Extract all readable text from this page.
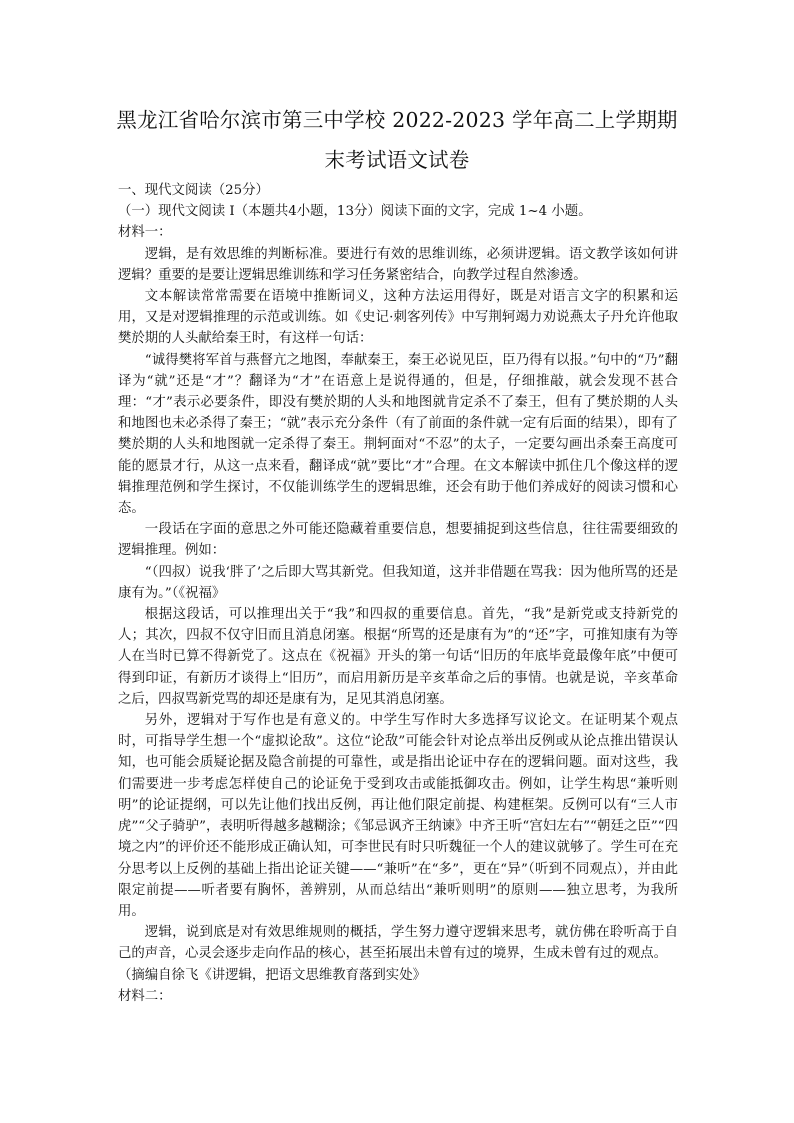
黑龙江省哈尔滨市第三中学校 2022-2023 学年高二上学期期
末考试语文试卷

一、现代文阅读（25分）

（一）现代文阅读 I（本题共4小题，13分）阅读下面的文字，完成 1~4 小题。

材料一：

逻辑，是有效思维的判断标准。要进行有效的思维训练，必须讲逻辑。语文教学该如何讲逻辑？重要的是要让逻辑思维训练和学习任务紧密结合，向教学过程自然渗透。

文本解读常常需要在语境中推断词义，这种方法运用得好，既是对语言文字的积累和运用，又是对逻辑推理的示范或训练。如《史记·刺客列传》中写荆轲竭力劝说燕太子丹允许他取樊於期的人头献给秦王时，有这样一句话：

“诚得樊将军首与燕督亢之地图，奉献秦王，秦王必说见臣，臣乃得有以报。”句中的“乃”翻译为“就”还是“才”？翻译为“才”在语意上是说得通的，但是，仔细推敲，就会发现不甚合理：“才”表示必要条件，即没有樊於期的人头和地图就肯定杀不了秦王，但有了樊於期的人头和地图也未必杀得了秦王；“就”表示充分条件（有了前面的条件就一定有后面的结果），即有了樊於期的人头和地图就一定杀得了秦王。荆轲面对“不忍”的太子，一定要勾画出杀秦王高度可能的愿景才行，从这一点来看，翻译成“就”要比“才”合理。在文本解读中抓住几个像这样的逻辑推理范例和学生探讨，不仅能训练学生的逻辑思维，还会有助于他们养成好的阅读习惯和心态。

一段话在字面的意思之外可能还隐藏着重要信息，想要捕捉到这些信息，往往需要细致的逻辑推理。例如：

“（四叔）说我‘胖了’之后即大骂其新党。但我知道，这并非借题在骂我：因为他所骂的还是康有为。”（《祝福》

根据这段话，可以推理出关于“我”和四叔的重要信息。首先，“我”是新党或支持新党的人；其次，四叔不仅守旧而且消息闭塞。根据“所骂的还是康有为”的“还”字，可推知康有为等人在当时已算不得新党了。这点在《祝福》开头的第一句话“旧历的年底毕竟最像年底”中便可得到印证，有新历才谈得上“旧历”，而启用新历是辛亥革命之后的事情。也就是说，辛亥革命之后，四叔骂新党骂的却还是康有为，足见其消息闭塞。

另外，逻辑对于写作也是有意义的。中学生写作时大多选择写议论文。在证明某个观点时，可指导学生想一个“虚拟论敌”。这位“论敌”可能会针对论点举出反例或从论点推出错误认知，也可能会质疑论据及隐含前提的可靠性，或是指出论证中存在的逻辑问题。面对这些，我们需要进一步考虑怎样使自己的论证免于受到攻击或能抵御攻击。例如，让学生构思“兼听则明”的论证提纲，可以先让他们找出反例，再让他们限定前提、构建框架。反例可以有“三人市虎”“父子骑驴”，表明听得越多越糊涂；《邹忌讽齐王纳谏》中齐王听“宫妇左右”“朝廷之臣”“四境之内”的评价还不能形成正确认知，可李世民有时只听魏征一个人的建议就够了。学生可在充分思考以上反例的基础上指出论证关键——“兼听”在“多”，更在“异”（听到不同观点），并由此限定前提——听者要有胸怀，善辨别，从而总结出“兼听则明”的原则——独立思考，为我所用。

逻辑，说到底是对有效思维规则的概括，学生努力遵守逻辑来思考，就仿佛在聆听高于自己的声音，心灵会逐步走向作品的核心，甚至拓展出未曾有过的境界，生成未曾有过的观点。

（摘编自徐飞《讲逻辑，把语文思维教育落到实处》

材料二：
